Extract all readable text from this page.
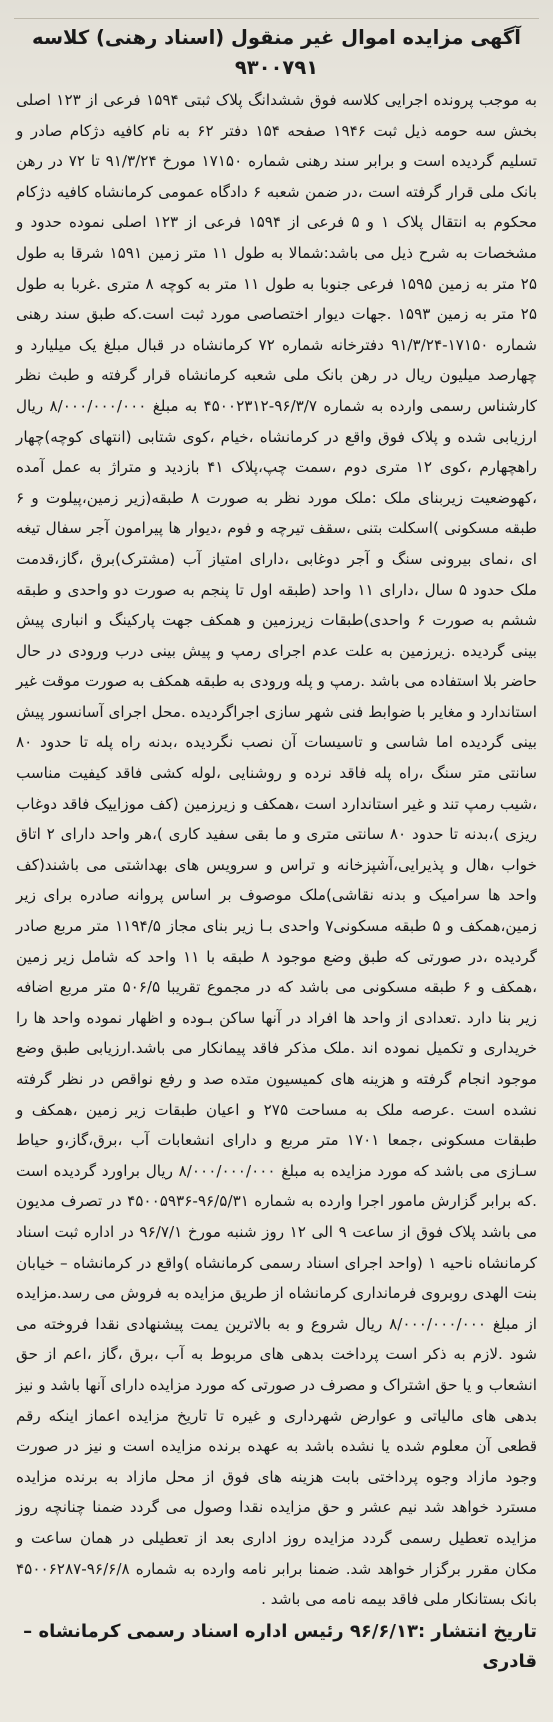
آگهی مزایده اموال غیر منقول (اسناد رهنی) کلاسه ۹۳۰۰۷۹۱

به موجب پرونده اجرایی کلاسه فوق ششدانگ پلاک ثبتی ۱۵۹۴ فرعی از ۱۲۳ اصلی بخش سه حومه ذیل ثبت ۱۹۴۶ صفحه ۱۵۴ دفتر ۶۲ به نام کافیه دژکام صادر و تسلیم گردیده است و برابر سند رهنی شماره ۱۷۱۵۰ مورخ ۹۱/۳/۲۴ تا ۷۲ در رهن بانک ملی قرار گرفته است ،در ضمن شعبه ۶ دادگاه عمومی کرمانشاه کافیه دژکام محکوم به انتقال پلاک ۱ و ۵ فرعی از ۱۵۹۴ فرعی از ۱۲۳ اصلی نموده حدود و مشخصات به شرح ذیل می باشد:شمالا به طول ۱۱ متر زمین ۱۵۹۱ شرقا به طول ۲۵ متر به زمین ۱۵۹۵ فرعی جنوبا به طول ۱۱ متر به کوچه ۸ متری .غربا به طول ۲۵ متر به زمین ۱۵۹۳ .جهات دیوار اختصاصی مورد ثبت است.که طبق سند رهنی شماره ۱۷۱۵۰-۹۱/۳/۲۴ دفترخانه شماره ۷۲ کرمانشاه در قبال مبلغ یک میلیارد و چهارصد میلیون ریال در رهن بانک ملی شعبه کرمانشاه قرار گرفته و طبث نظر کارشناس رسمی وارده به شماره ۹۶/۳/۷-۴۵۰۰۲۳۱۲ به مبلغ ۸/۰۰۰/۰۰۰/۰۰۰ ریال ارزیابی شده و پلاک فوق واقع در کرمانشاه ،خیام ،کوی شتابی (انتهای کوچه)چهار راهچهارم ،کوی ۱۲ متری دوم ،سمت چپ،پلاک ۴۱ بازدید و متراژ به عمل آمده ،کهوضعیت زیربنای ملک :ملک مورد نظر به صورت ۸ طبقه(زیر زمین،پیلوت و ۶ طبقه مسکونی )اسکلت بتنی ،سقف تیرچه و فوم ،دیوار ها پیرامون آجر سفال تیغه ای ،نمای بیرونی سنگ و آجر دوغابی ،دارای امتیاز آب (مشترک)برق ،گاز،قدمت ملک حدود ۵ سال ،دارای ۱۱ واحد (طبقه اول تا پنجم به صورت دو واحدی و طبقه ششم به صورت ۶ واحدی)طبقات زیرزمین و همکف جهت پارکینگ و انباری پیش بینی گردیده .زیرزمین به علت عدم اجرای رمپ و پیش بینی درب ورودی در حال حاضر بلا استفاده می باشد .رمپ و پله ورودی به طبقه همکف به صورت موقت غیر استاندارد و مغایر با ضوابط فنی شهر سازی اجراگردیده .محل اجرای آسانسور پیش بینی گردیده اما شاسی و تاسیسات آن نصب نگردیده ،بدنه راه پله تا حدود ۸۰ سانتی متر سنگ ،راه پله فاقد نرده و روشنایی ،لوله کشی فاقد کیفیت مناسب ،شیب رمپ تند و غیر استاندارد است ،همکف و زیرزمین (کف موزاییک فاقد دوغاب ریزی )،بدنه تا حدود ۸۰ سانتی متری و ما بقی سفید کاری )،هر واحد دارای ۲ اتاق خواب ،هال و پذیرایی،آشپزخانه و تراس و سرویس های بهداشتی می باشند(کف واحد ها سرامیک و بدنه نقاشی)ملک موصوف بر اساس پروانه صادره برای زیر زمین،همکف و ۵ طبقه مسکونی۷ واحدی بـا زیر بنای مجاز ۱۱۹۴/۵ متر مربع صادر گردیده ،در صورتی که طبق وضع موجود ۸ طبقه با ۱۱ واحد که شامل زیر زمین ،همکف و ۶ طبقه مسکونی می باشد که در مجموع تقریبا ۵۰۶/۵ متر مربع اضافه زیر بنا دارد .تعدادی از واحد ها افراد در آنها ساکن بـوده و اظهار نموده واحد ها را خریداری و تکمیل نموده اند .ملک مذکر فاقد پیمانکار می باشد.ارزیابی طبق وضع موجود انجام گرفته و هزینه های کمیسیون متده صد و رفع نواقص در نظر گرفته نشده است .عرصه ملک به مساحت ۲۷۵ و اعیان طبقات زیر زمین ،همکف و طبقات مسکونی ،جمعا ۱۷۰۱ متر مربع و دارای انشعابات آب ،برق،گاز،و حیاط سـازی می باشد که مورد مزایده به مبلغ ۸/۰۰۰/۰۰۰/۰۰۰ ریال براورد گردیده است .که برابر گزارش مامور اجرا وارده به شماره ۹۶/۵/۳۱-۴۵۰۰۵۹۳۶ در تصرف مدیون می باشد پلاک فوق از ساعت ۹ الی ۱۲ روز شنبه مورخ ۹۶/۷/۱ در اداره ثبت اسناد کرمانشاه ناحیه ۱ (واحد اجرای اسناد رسمی کرمانشاه )واقع در کرمانشاه – خیابان بنت الهدی روبروی فرمانداری کرمانشاه از طریق مزایده به فروش می رسد.مزایده از مبلغ ۸/۰۰۰/۰۰۰/۰۰۰ ریال شروع و به بالاترین یمت پیشنهادی نقدا فروخته می شود .لازم به ذکر است پرداخت بدهی های مربوط به آب ،برق ،گاز ،اعم از حق انشعاب و یا حق اشتراک و مصرف در صورتی که مورد مزایده دارای آنها باشد و نیز بدهی های مالیاتی و عوارض شهرداری و غیره تا تاریخ مزایده اعماز اینکه رقم قطعی آن معلوم شده یا نشده باشد به عهده برنده مزایده است و نیز در صورت وجود مازاد وجوه پرداختی بابت هزینه های فوق از محل مازاد به برنده مزایده مسترد خواهد شد نیم عشر و حق مزایده نقدا وصول می گردد ضمنا چنانچه روز مزایده تعطیل رسمی گردد مزایده روز اداری بعد از تعطیلی در همان ساعت و مکان مقرر برگزار خواهد شد. ضمنا برابر نامه وارده به شماره ۹۶/۶/۸-۴۵۰۰۶۲۸۷ بانک بستانکار ملی فاقد بیمه نامه می باشد .

تاریخ انتشار :۹۶/۶/۱۳ رئیس اداره اسناد رسمی کرمانشاه –
قادری
